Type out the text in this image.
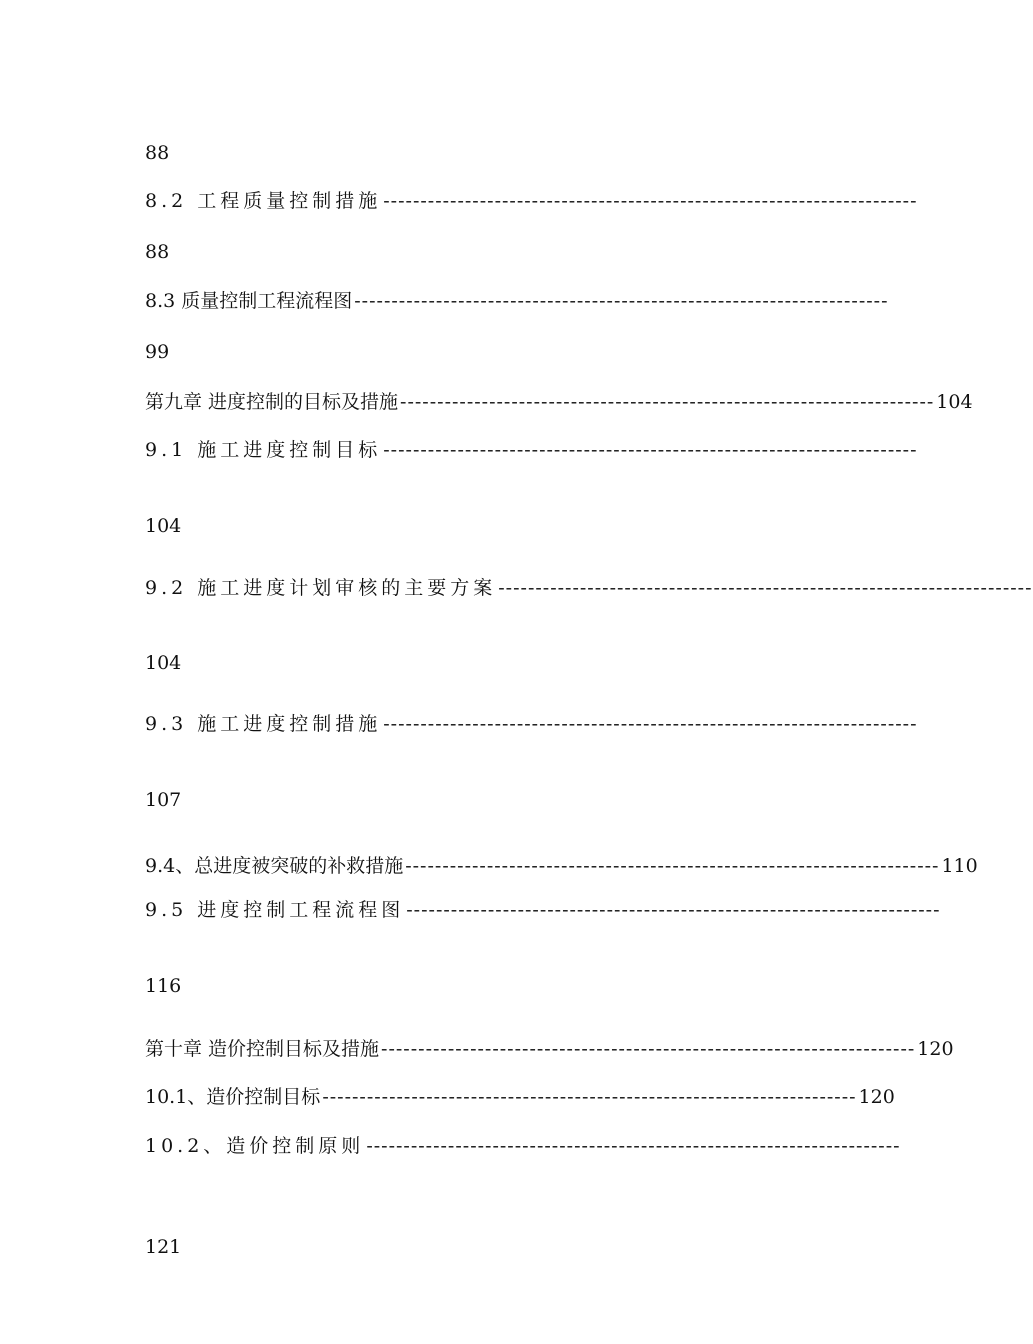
88
8.2 工程质量控制措施 ------------------------------------------------------------------------
88
8.3 质量控制工程流程图 ------------------------------------------------------------------------
99
第九章 进度控制的目标及措施 ------------------------------------------------------------------------ 104
9.1 施工进度控制目标 ------------------------------------------------------------------------
104
9.2 施工进度计划审核的主要方案 ------------------------------------------------------------------------
104
9.3 施工进度控制措施 ------------------------------------------------------------------------
107
9.4、总进度被突破的补救措施 ------------------------------------------------------------------------ 110
9.5 进度控制工程流程图 ------------------------------------------------------------------------
116
第十章 造价控制目标及措施 ------------------------------------------------------------------------ 120
10.1、造价控制目标 ------------------------------------------------------------------------ 120
10.2、造价控制原则 ------------------------------------------------------------------------
121
